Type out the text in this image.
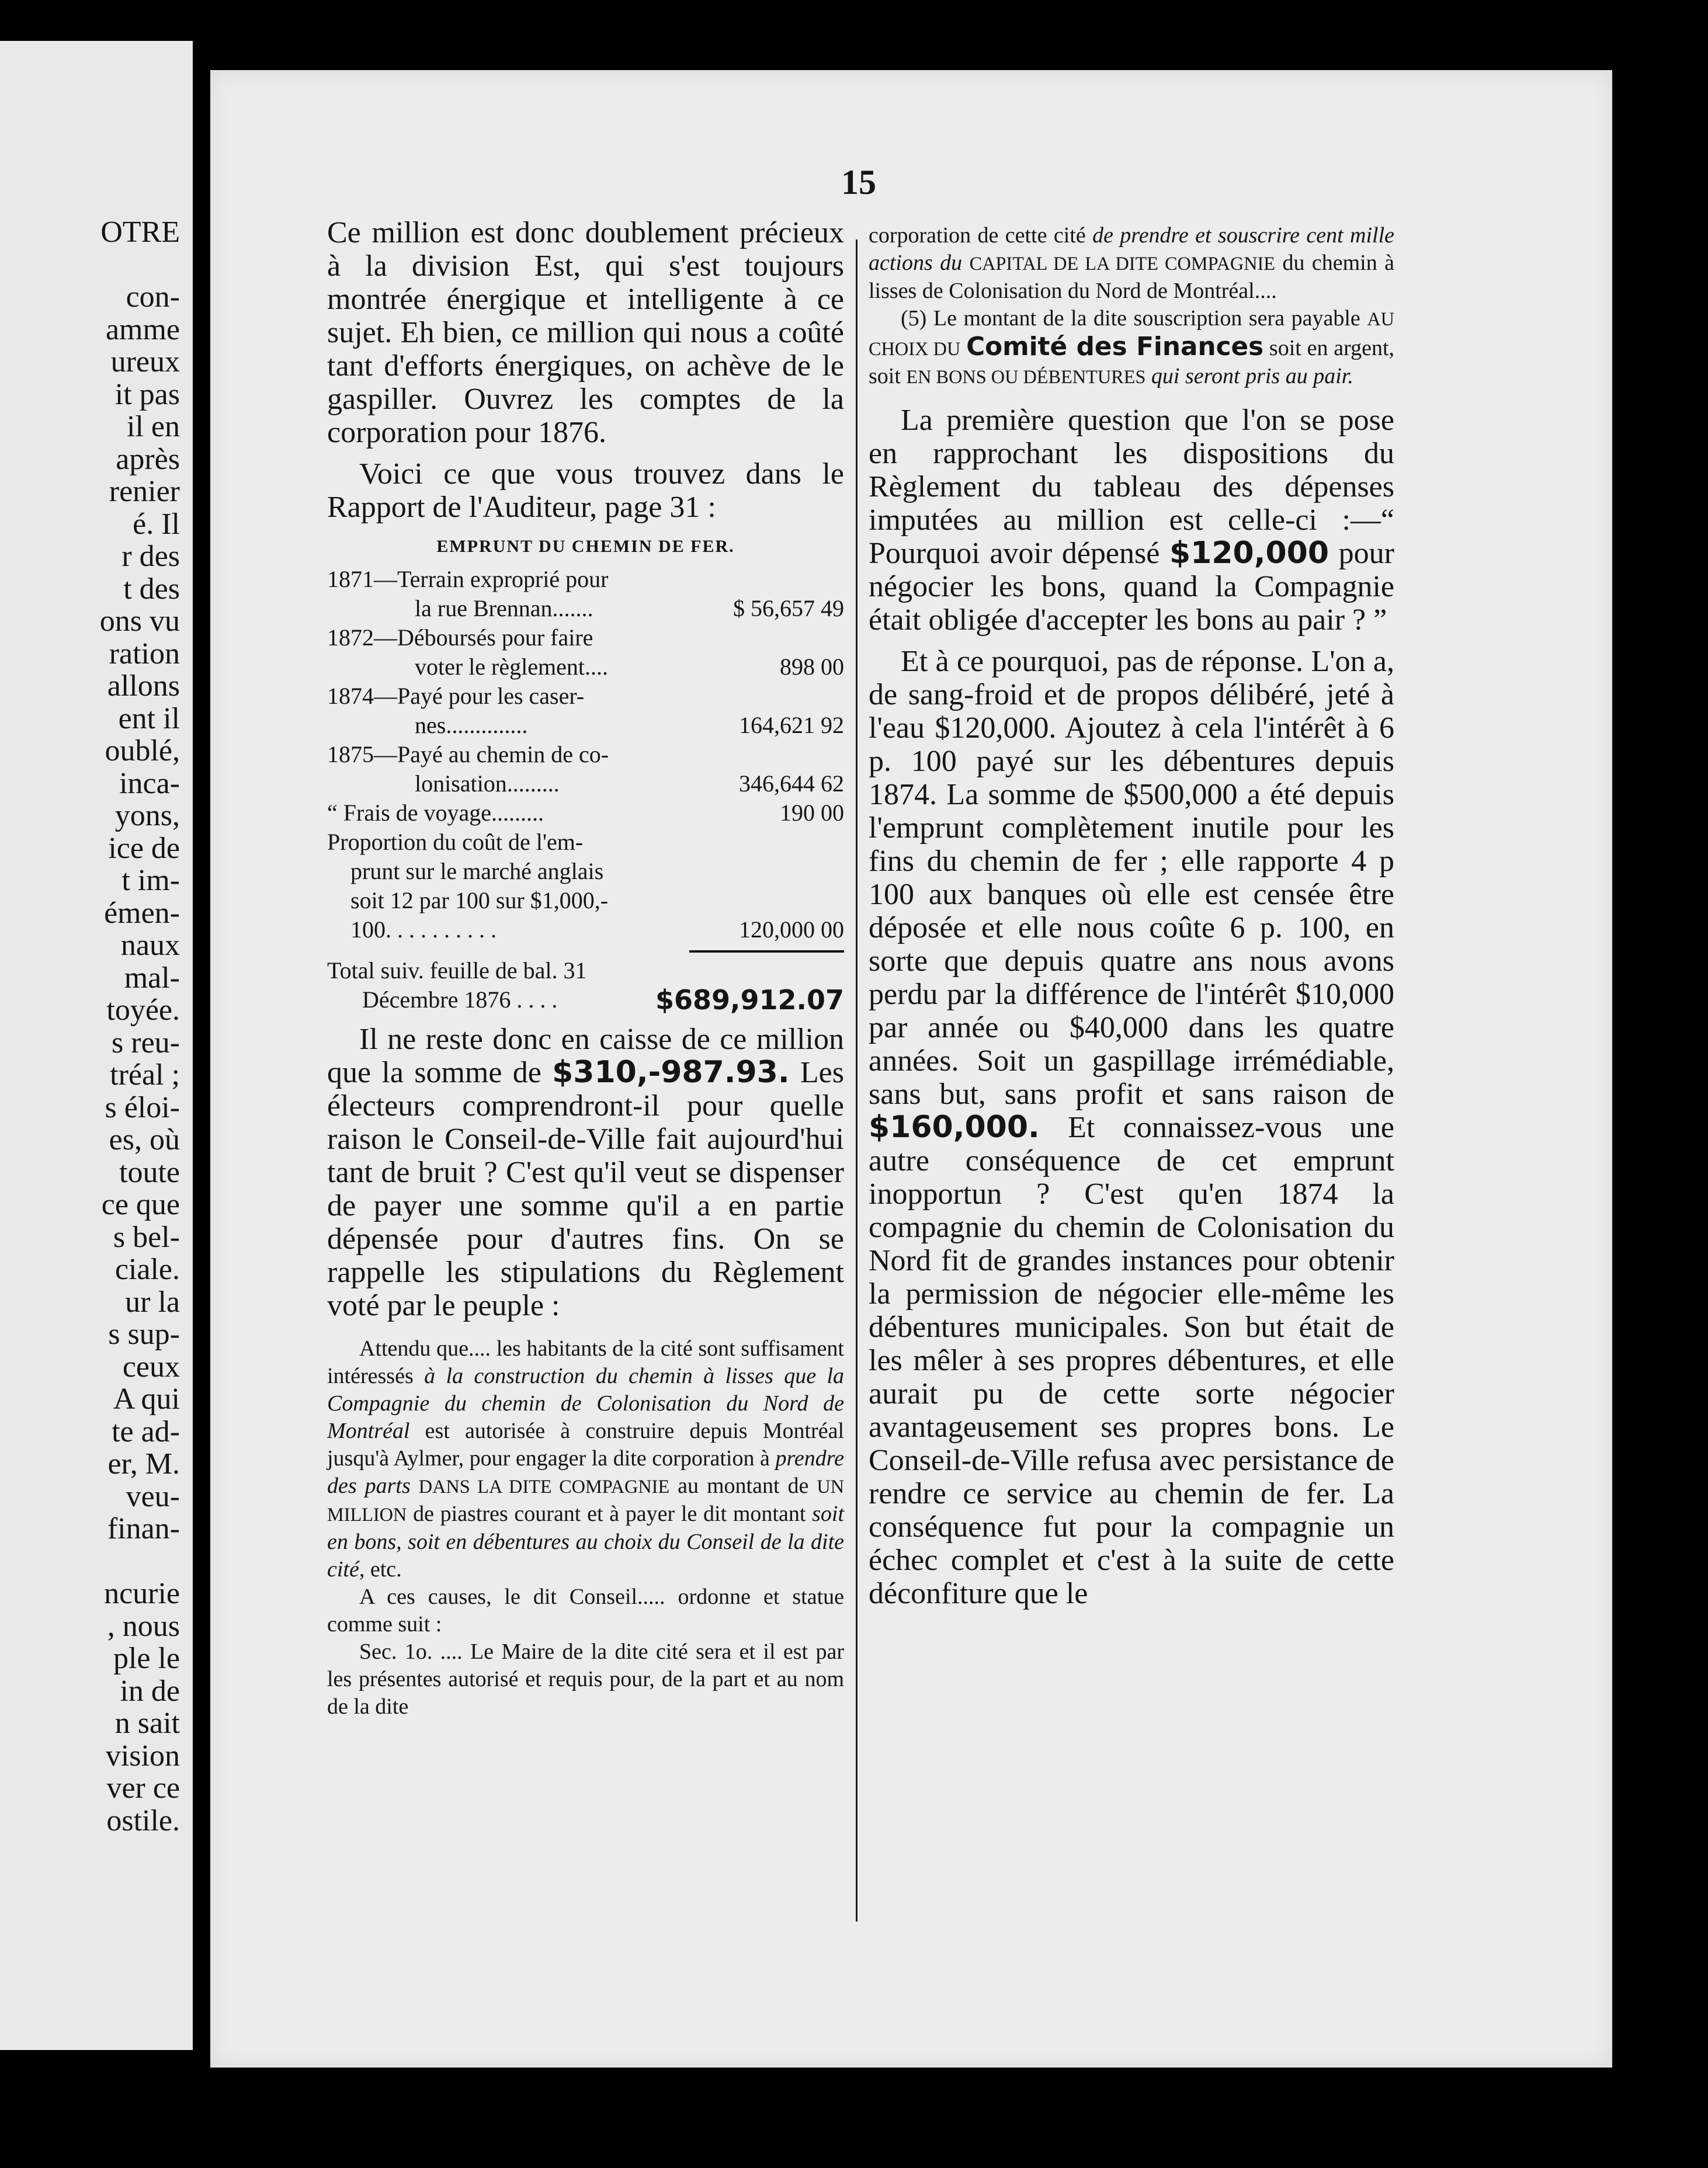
OTRE
con-
amme
ureux
it pas
il en
après
renier
é. Il
r des
t des
ons vu
ration
allons
ent il
oublé,
inca-
yons,
ice de
t im-
émen-
naux
mal-
toyée.
s reu-
tréal ;
s éloi-
es, où
toute
ce que
s bel-
ciale.
ur la
s sup-
ceux
A qui
te ad-
er, M.
veu-
finan-
ncurie
, nous
ple le
in de
n sait
vision
ver ce
ostile.
15

Ce million est donc doublement précieux à la division Est, qui s'est toujours montrée énergique et intelligente à ce sujet. Eh bien, ce million qui nous a coûté tant d'efforts énergiques, on achève de le gaspiller. Ouvrez les comptes de la corporation pour 1876.

Voici ce que vous trouvez dans le Rapport de l'Auditeur, page 31 :

EMPRUNT DU CHEMIN DE FER.
1871—Terrain exproprié pour
la rue Brennan.......	$ 56,657 49
1872—Déboursés pour faire
voter le règlement....	898 00
1874—Payé pour les caser-
nes..............	164,621 92
1875—Payé au chemin de co-
lonisation.........	346,644 62
“ Frais de voyage.........	190 00
Proportion du coût de l'em-
prunt sur le marché anglais
soit 12 par 100 sur $1,000,-
100. . . . . . . . . .	120,000 00
Total suiv. feuille de bal. 31
Décembre 1876 . . . .	$689,912.07

Il ne reste donc en caisse de ce million que la somme de $310,-987.93. Les électeurs comprendront-il pour quelle raison le Conseil-de-Ville fait aujourd'hui tant de bruit ? C'est qu'il veut se dispenser de payer une somme qu'il a en partie dépensée pour d'autres fins. On se rappelle les stipulations du Règlement voté par le peuple :

Attendu que.... les habitants de la cité sont suffisament intéressés à la construction du chemin à lisses que la Compagnie du chemin de Colonisation du Nord de Montréal est autorisée à construire depuis Montréal jusqu'à Aylmer, pour engager la dite corporation à prendre des parts DANS LA DITE COMPAGNIE au montant de UN MILLION de piastres courant et à payer le dit montant soit en bons, soit en débentures au choix du Conseil de la dite cité, etc.

A ces causes, le dit Conseil..... ordonne et statue comme suit :

Sec. 1o. .... Le Maire de la dite cité sera et il est par les présentes autorisé et requis pour, de la part et au nom de la dite

corporation de cette cité de prendre et souscrire cent mille actions du CAPITAL DE LA DITE COMPAGNIE du chemin à lisses de Colonisation du Nord de Montréal....

(5) Le montant de la dite souscription sera payable AU CHOIX DU Comité des Finances soit en argent, soit EN BONS OU DÉBENTURES qui seront pris au pair.

La première question que l'on se pose en rapprochant les dispositions du Règlement du tableau des dépenses imputées au million est celle-ci :—“ Pourquoi avoir dépensé $120,000 pour négocier les bons, quand la Compagnie était obligée d'accepter les bons au pair ? ”

Et à ce pourquoi, pas de réponse. L'on a, de sang-froid et de propos délibéré, jeté à l'eau $120,000. Ajoutez à cela l'intérêt à 6 p. 100 payé sur les débentures depuis 1874. La somme de $500,000 a été depuis l'emprunt complètement inutile pour les fins du chemin de fer ; elle rapporte 4 p 100 aux banques où elle est censée être déposée et elle nous coûte 6 p. 100, en sorte que depuis quatre ans nous avons perdu par la différence de l'intérêt $10,000 par année ou $40,000 dans les quatre années. Soit un gaspillage irrémédiable, sans but, sans profit et sans raison de $160,000. Et connaissez-vous une autre conséquence de cet emprunt inopportun ? C'est qu'en 1874 la compagnie du chemin de Colonisation du Nord fit de grandes instances pour obtenir la permission de négocier elle-même les débentures municipales. Son but était de les mêler à ses propres débentures, et elle aurait pu de cette sorte négocier avantageusement ses propres bons. Le Conseil-de-Ville refusa avec persistance de rendre ce service au chemin de fer. La conséquence fut pour la compagnie un échec complet et c'est à la suite de cette déconfiture que le
